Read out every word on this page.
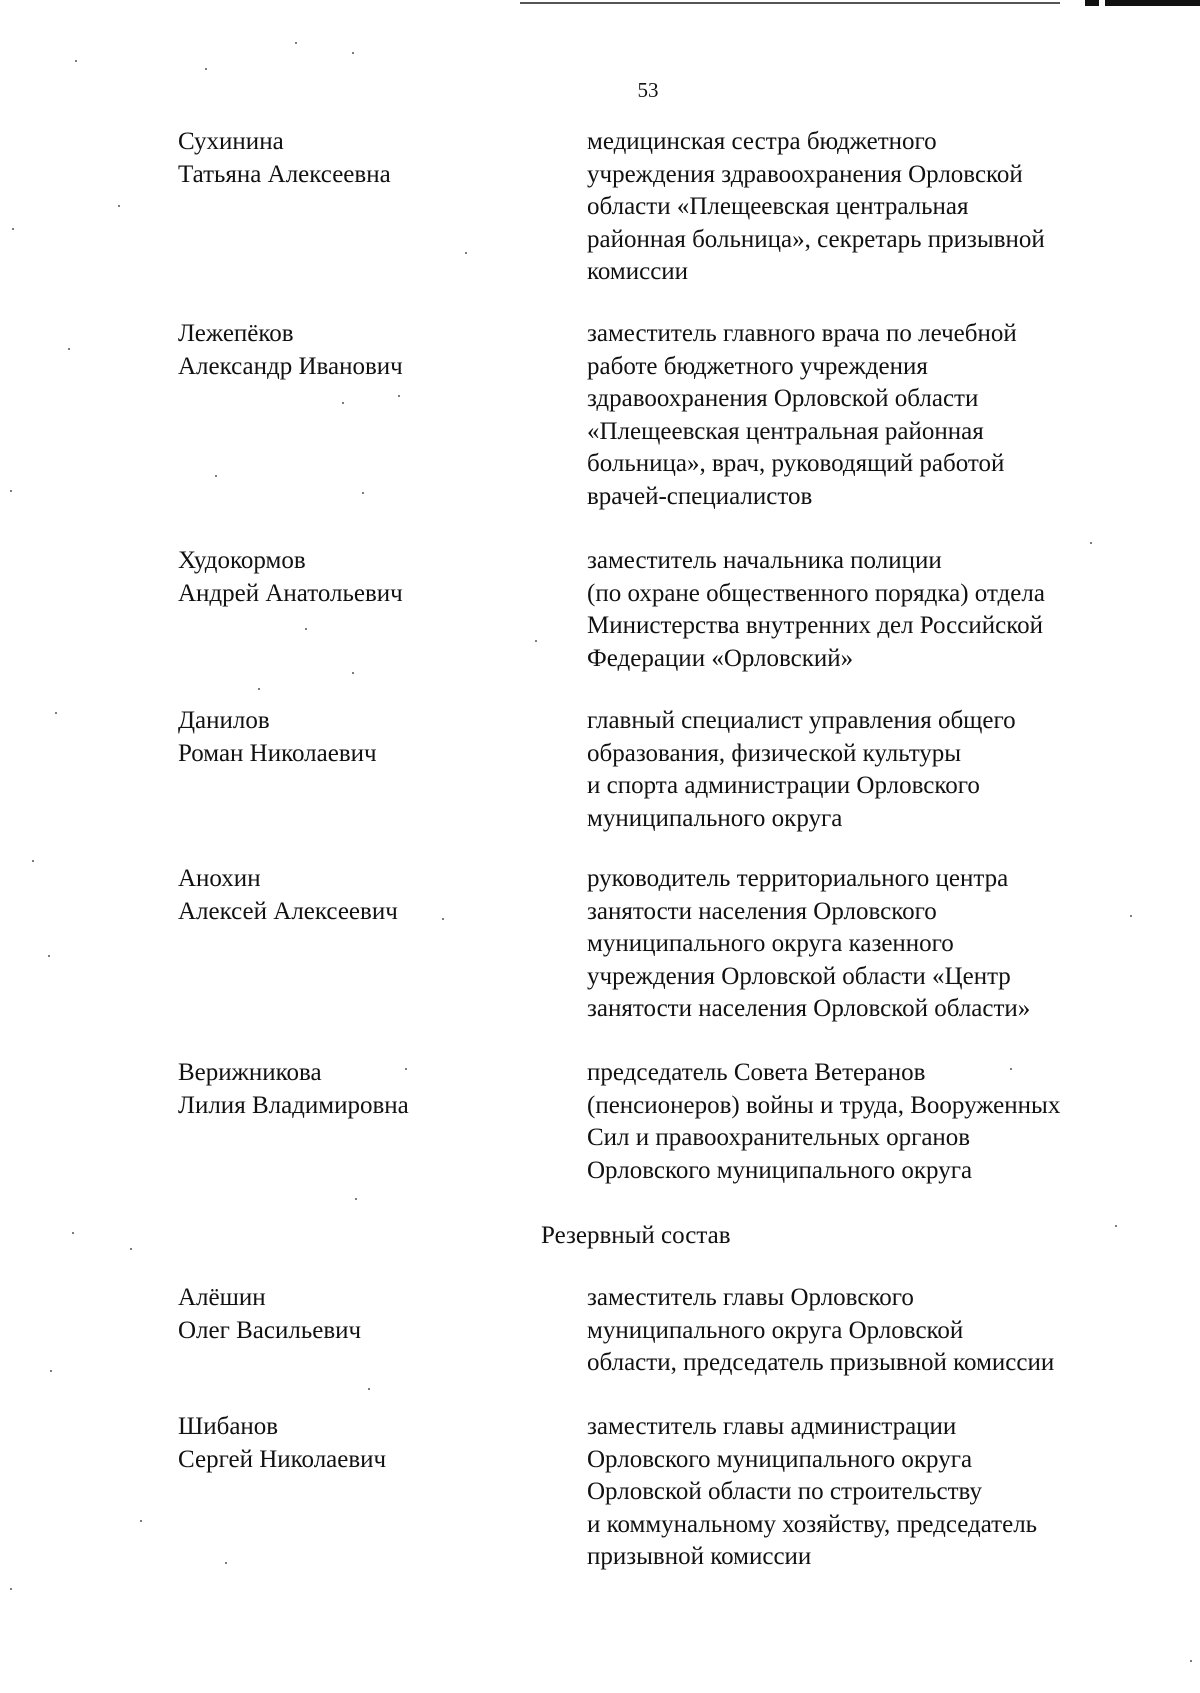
53
Сухинина
Татьяна Алексеевна
медицинская сестра бюджетного
учреждения здравоохранения Орловской
области «Плещеевская центральная
районная больница», секретарь призывной
комиссии
Лежепёков
Александр Иванович
заместитель главного врача по лечебной
работе бюджетного учреждения
здравоохранения Орловской области
«Плещеевская центральная районная
больница», врач, руководящий работой
врачей-специалистов
Худокормов
Андрей Анатольевич
заместитель начальника полиции
(по охране общественного порядка) отдела
Министерства внутренних дел Российской
Федерации «Орловский»
Данилов
Роман Николаевич
главный специалист управления общего
образования, физической культуры
и спорта администрации Орловского
муниципального округа
Анохин
Алексей Алексеевич
руководитель территориального центра
занятости населения Орловского
муниципального округа казенного
учреждения Орловской области «Центр
занятости населения Орловской области»
Верижникова
Лилия Владимировна
председатель Совета Ветеранов
(пенсионеров) войны и труда, Вооруженных
Сил и правоохранительных органов
Орловского муниципального округа
Резервный состав
Алёшин
Олег Васильевич
заместитель главы Орловского
муниципального округа Орловской
области, председатель призывной комиссии
Шибанов
Сергей Николаевич
заместитель главы администрации
Орловского муниципального округа
Орловской области по строительству
и коммунальному хозяйству, председатель
призывной комиссии
